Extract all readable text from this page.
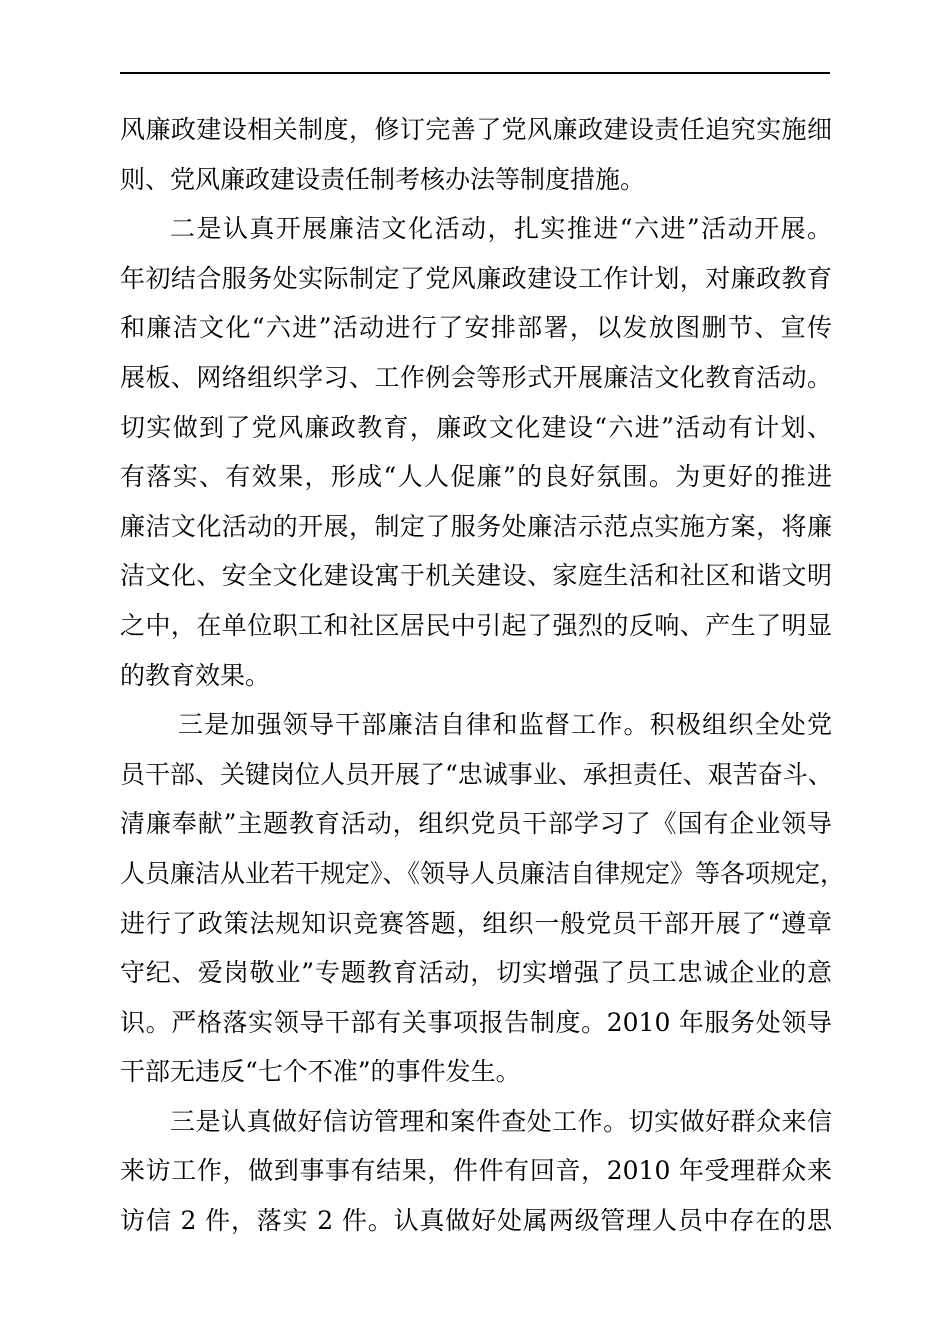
风廉政建设相关制度，修订完善了党风廉政建设责任追究实施细
则、党风廉政建设责任制考核办法等制度措施。
二是认真开展廉洁文化活动，扎实推进“六进”活动开展。
年初结合服务处实际制定了党风廉政建设工作计划，对廉政教育
和廉洁文化“六进”活动进行了安排部署，以发放图删节、宣传
展板、网络组织学习、工作例会等形式开展廉洁文化教育活动。
切实做到了党风廉政教育，廉政文化建设“六进”活动有计划、
有落实、有效果，形成“人人促廉”的良好氛围。为更好的推进
廉洁文化活动的开展，制定了服务处廉洁示范点实施方案，将廉
洁文化、安全文化建设寓于机关建设、家庭生活和社区和谐文明
之中，在单位职工和社区居民中引起了强烈的反响、产生了明显
的教育效果。
三是加强领导干部廉洁自律和监督工作。积极组织全处党
员干部、关键岗位人员开展了“忠诚事业、承担责任、艰苦奋斗、
清廉奉献”主题教育活动，组织党员干部学习了《国有企业领导
人员廉洁从业若干规定》、《领导人员廉洁自律规定》等各项规定，
进行了政策法规知识竞赛答题，组织一般党员干部开展了“遵章
守纪、爱岗敬业”专题教育活动，切实增强了员工忠诚企业的意
识。严格落实领导干部有关事项报告制度。2010 年服务处领导
干部无违反“七个不准”的事件发生。
三是认真做好信访管理和案件查处工作。切实做好群众来信
来访工作，做到事事有结果，件件有回音，2010 年受理群众来
访信 2 件，落实 2 件。认真做好处属两级管理人员中存在的思
